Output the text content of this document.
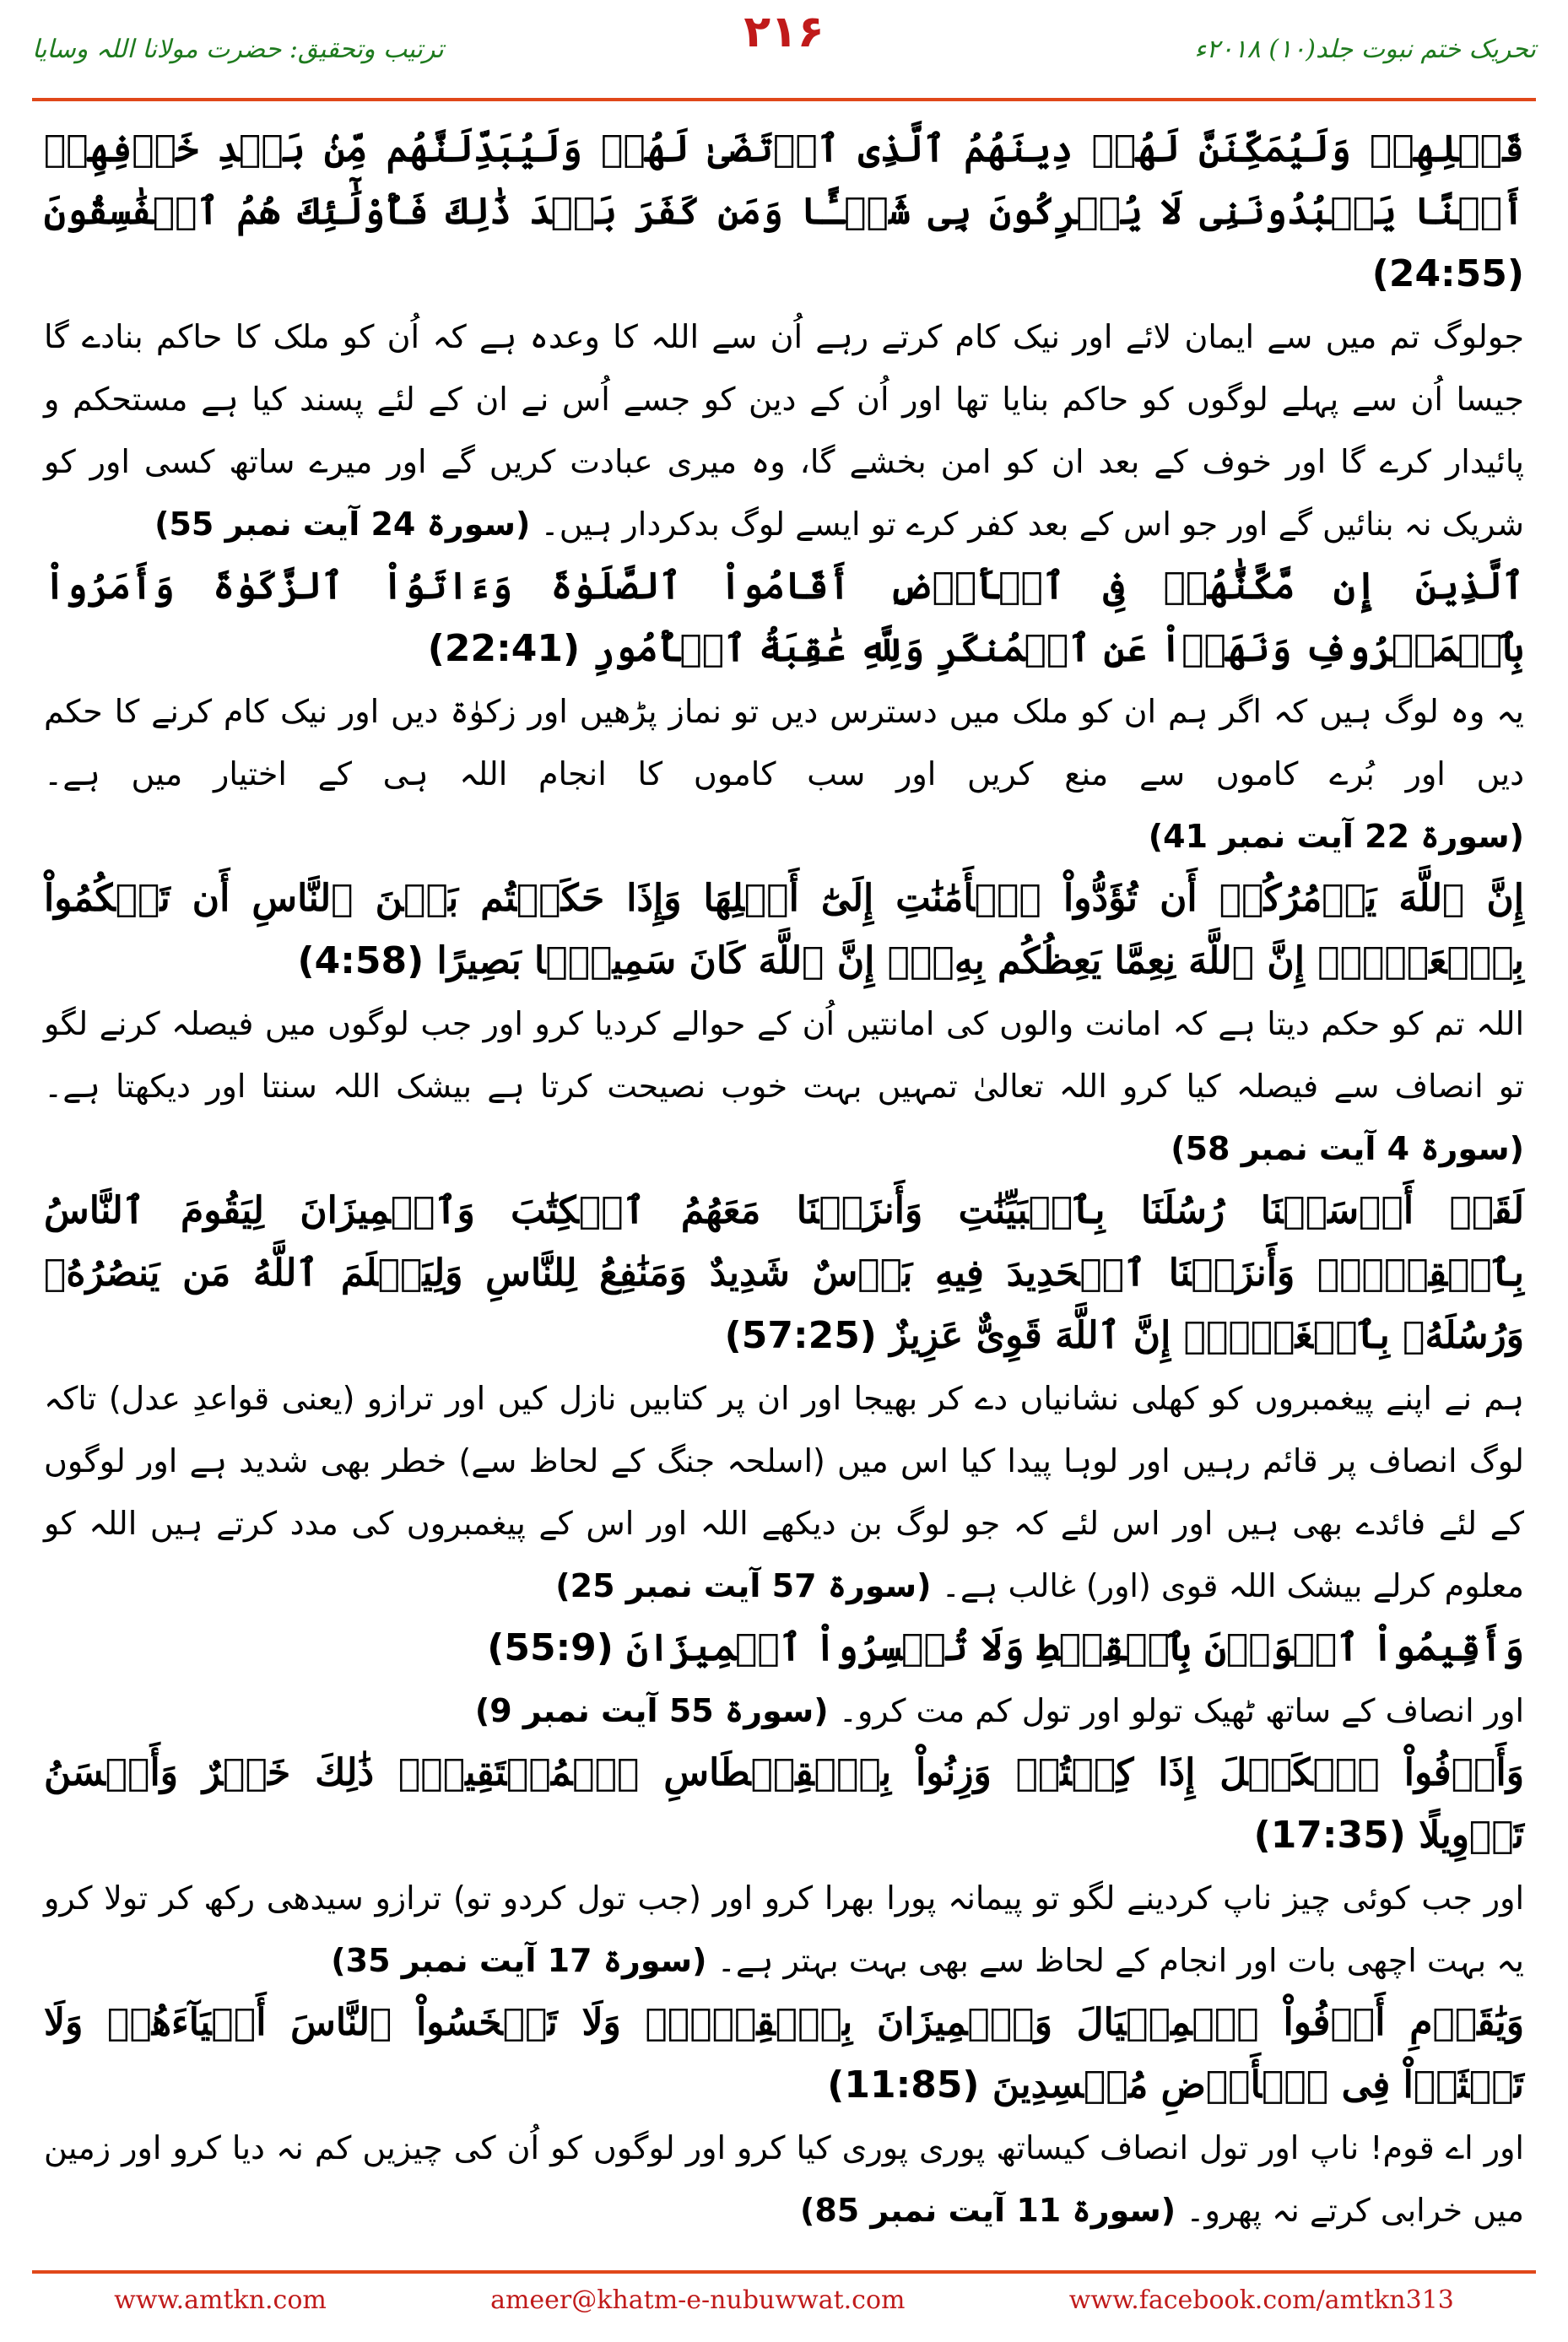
ترتیب وتحقیق: حضرت مولانا اللہ وسایا	تحریک ختم نبوت جلد(۱۰) ۲۰۱۸ء
۲۱۶

قَبۡلِهِمۡ وَلَيُمَكِّنَنَّ لَهُمۡ دِينَهُمُ ٱلَّذِى ٱرۡتَضَىٰ لَهُمۡ وَلَيُبَدِّلَنَّهُم مِّنۢ بَعۡدِ خَوۡفِهِمۡ أَمۡنًا يَعۡبُدُونَنِى لَا يُشۡرِكُونَ بِى شَيۡـًٔا وَمَن كَفَرَ بَعۡدَ ذَٰلِكَ فَأُوْلَٰٓئِكَ هُمُ ٱلۡفَٰسِقُونَ (24:55)

جولوگ تم میں سے ایمان لائے اور نیک کام کرتے رہے اُن سے اللہ کا وعدہ ہے کہ اُن کو ملک کا حاکم بنادے گا جیسا اُن سے پہلے لوگوں کو حاکم بنایا تھا اور اُن کے دین کو جسے اُس نے ان کے لئے پسند کیا ہے مستحکم و پائیدار کرے گا اور خوف کے بعد ان کو امن بخشے گا، وہ میری عبادت کریں گے اور میرے ساتھ کسی اور کو شریک نہ بنائیں گے اور جو اس کے بعد کفر کرے تو ایسے لوگ بدکردار ہیں۔ (سورۃ 24 آیت نمبر 55)

ٱلَّذِينَ إِن مَّكَّنَّٰهُمۡ فِى ٱلۡأَرۡضِ أَقَامُواْ ٱلصَّلَوٰةَ وَءَاتَوُاْ ٱلزَّكَوٰةَ وَأَمَرُواْ بِٱلۡمَعۡرُوفِ وَنَهَوۡاْ عَنِ ٱلۡمُنكَرِ وَلِلَّهِ عَٰقِبَةُ ٱلۡأُمُورِ (22:41)

یہ وہ لوگ ہیں کہ اگر ہم ان کو ملک میں دسترس دیں تو نماز پڑھیں اور زکوٰۃ دیں اور نیک کام کرنے کا حکم دیں اور بُرے کاموں سے منع کریں اور سب کاموں کا انجام اللہ ہی کے اختیار میں ہے۔ (سورۃ 22 آیت نمبر 41)

إِنَّ ٱللَّهَ يَأۡمُرُكُمۡ أَن تُؤَدُّواْ ٱلۡأَمَٰنَٰتِ إِلَىٰٓ أَهۡلِهَا وَإِذَا حَكَمۡتُم بَيۡنَ ٱلنَّاسِ أَن تَحۡكُمُواْ بِٱلۡعَدۡلِۚ إِنَّ ٱللَّهَ نِعِمَّا يَعِظُكُم بِهِۦٓۗ إِنَّ ٱللَّهَ كَانَ سَمِيعَۢا بَصِيرًا (4:58)

اللہ تم کو حکم دیتا ہے کہ امانت والوں کی امانتیں اُن کے حوالے کردیا کرو اور جب لوگوں میں فیصلہ کرنے لگو تو انصاف سے فیصلہ کیا کرو اللہ تعالیٰ تمہیں بہت خوب نصیحت کرتا ہے بیشک اللہ سنتا اور دیکھتا ہے۔ (سورۃ 4 آیت نمبر 58)

لَقَدۡ أَرۡسَلۡنَا رُسُلَنَا بِٱلۡبَيِّنَٰتِ وَأَنزَلۡنَا مَعَهُمُ ٱلۡكِتَٰبَ وَٱلۡمِيزَانَ لِيَقُومَ ٱلنَّاسُ بِٱلۡقِسۡطِۖ وَأَنزَلۡنَا ٱلۡحَدِيدَ فِيهِ بَأۡسٌ شَدِيدٌ وَمَنَٰفِعُ لِلنَّاسِ وَلِيَعۡلَمَ ٱللَّهُ مَن يَنصُرُهُۥ وَرُسُلَهُۥ بِٱلۡغَيۡبِۚ إِنَّ ٱللَّهَ قَوِىٌّ عَزِيزٌ (57:25)

ہم نے اپنے پیغمبروں کو کھلی نشانیاں دے کر بھیجا اور ان پر کتابیں نازل کیں اور ترازو (یعنی قواعدِ عدل) تاکہ لوگ انصاف پر قائم رہیں اور لوہا پیدا کیا اس میں (اسلحہ جنگ کے لحاظ سے) خطر بھی شدید ہے اور لوگوں کے لئے فائدے بھی ہیں اور اس لئے کہ جو لوگ بن دیکھے اللہ اور اس کے پیغمبروں کی مدد کرتے ہیں اللہ کو معلوم کرلے بیشک اللہ قوی (اور) غالب ہے۔ (سورۃ 57 آیت نمبر 25)

وَأَقِيمُواْ ٱلۡوَزۡنَ بِٱلۡقِسۡطِ وَلَا تُخۡسِرُواْ ٱلۡمِيزَانَ (55:9)

اور انصاف کے ساتھ ٹھیک تولو اور تول کم مت کرو۔ (سورۃ 55 آیت نمبر 9)

وَأَوۡفُواْ ٱلۡكَيۡلَ إِذَا كِلۡتُمۡ وَزِنُواْ بِٱلۡقِسۡطَاسِ ٱلۡمُسۡتَقِيمِۚ ذَٰلِكَ خَيۡرٌ وَأَحۡسَنُ تَأۡوِيلًا (17:35)

اور جب کوئی چیز ناپ کردینے لگو تو پیمانہ پورا بھرا کرو اور (جب تول کردو تو) ترازو سیدھی رکھ کر تولا کرو یہ بہت اچھی بات اور انجام کے لحاظ سے بھی بہت بہتر ہے۔ (سورۃ 17 آیت نمبر 35)

وَيَٰقَوۡمِ أَوۡفُواْ ٱلۡمِكۡيَالَ وَٱلۡمِيزَانَ بِٱلۡقِسۡطِۖ وَلَا تَبۡخَسُواْ ٱلنَّاسَ أَشۡيَآءَهُمۡ وَلَا تَعۡثَوۡاْ فِى ٱلۡأَرۡضِ مُفۡسِدِينَ (11:85)

اور اے قوم! ناپ اور تول انصاف کیساتھ پوری پوری کیا کرو اور لوگوں کو اُن کی چیزیں کم نہ دیا کرو اور زمین میں خرابی کرتے نہ پھرو۔ (سورۃ 11 آیت نمبر 85)

www.amtkn.com	ameer@khatm-e-nubuwwat.com	www.facebook.com/amtkn313
